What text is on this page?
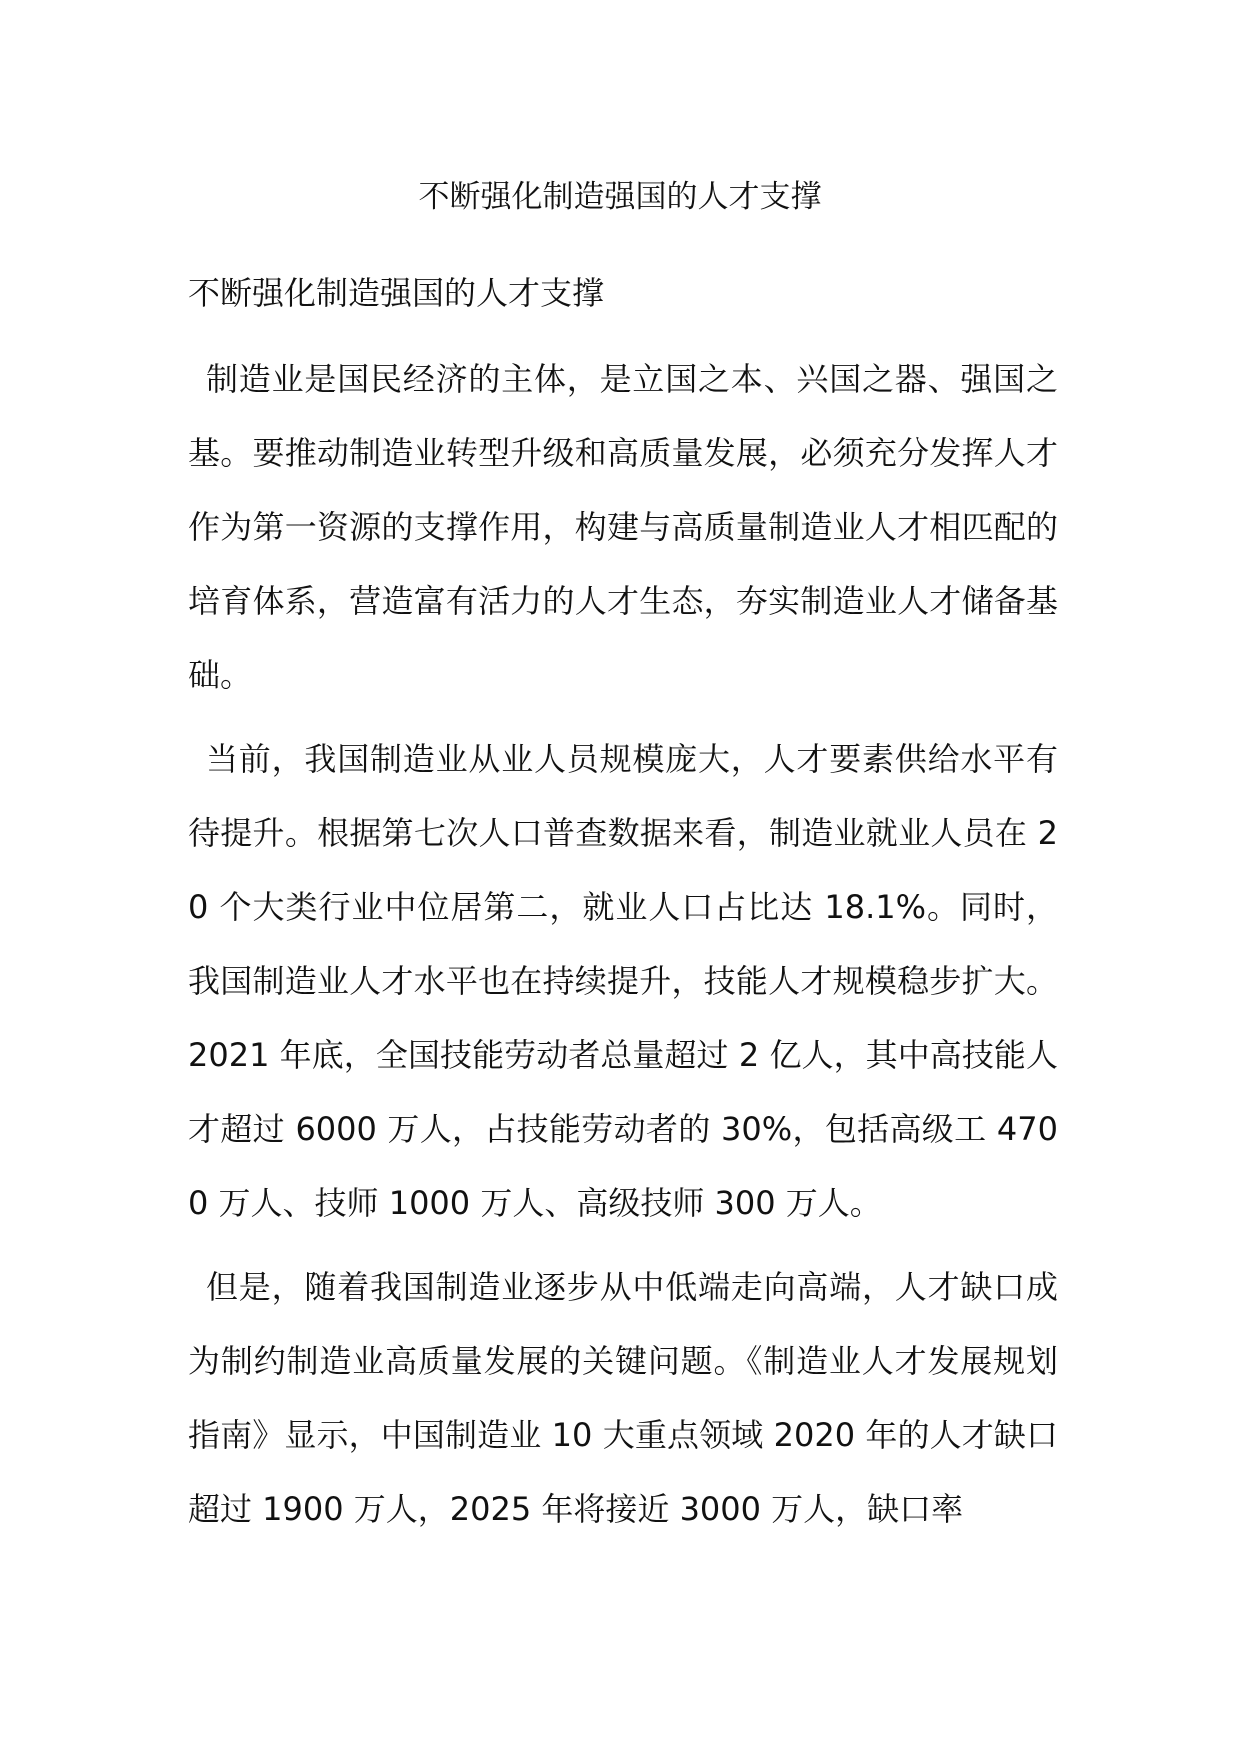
不断强化制造强国的人才支撑
不断强化制造强国的人才支撑

制造业是国民经济的主体，是立国之本、兴国之器、强国之基。要推动制造业转型升级和高质量发展，必须充分发挥人才作为第一资源的支撑作用，构建与高质量制造业人才相匹配的培育体系，营造富有活力的人才生态，夯实制造业人才储备基础。

当前，我国制造业从业人员规模庞大，人才要素供给水平有待提升。根据第七次人口普查数据来看，制造业就业人员在 20 个大类行业中位居第二，就业人口占比达 18.1%。同时，我国制造业人才水平也在持续提升，技能人才规模稳步扩大。2021 年底，全国技能劳动者总量超过 2 亿人，其中高技能人才超过 6000 万人，占技能劳动者的 30%，包括高级工 4700 万人、技师 1000 万人、高级技师 300 万人。

但是，随着我国制造业逐步从中低端走向高端，人才缺口成为制约制造业高质量发展的关键问题。《制造业人才发展规划指南》显示，中国制造业 10 大重点领域 2020 年的人才缺口超过 1900 万人，2025 年将接近 3000 万人，缺口率
